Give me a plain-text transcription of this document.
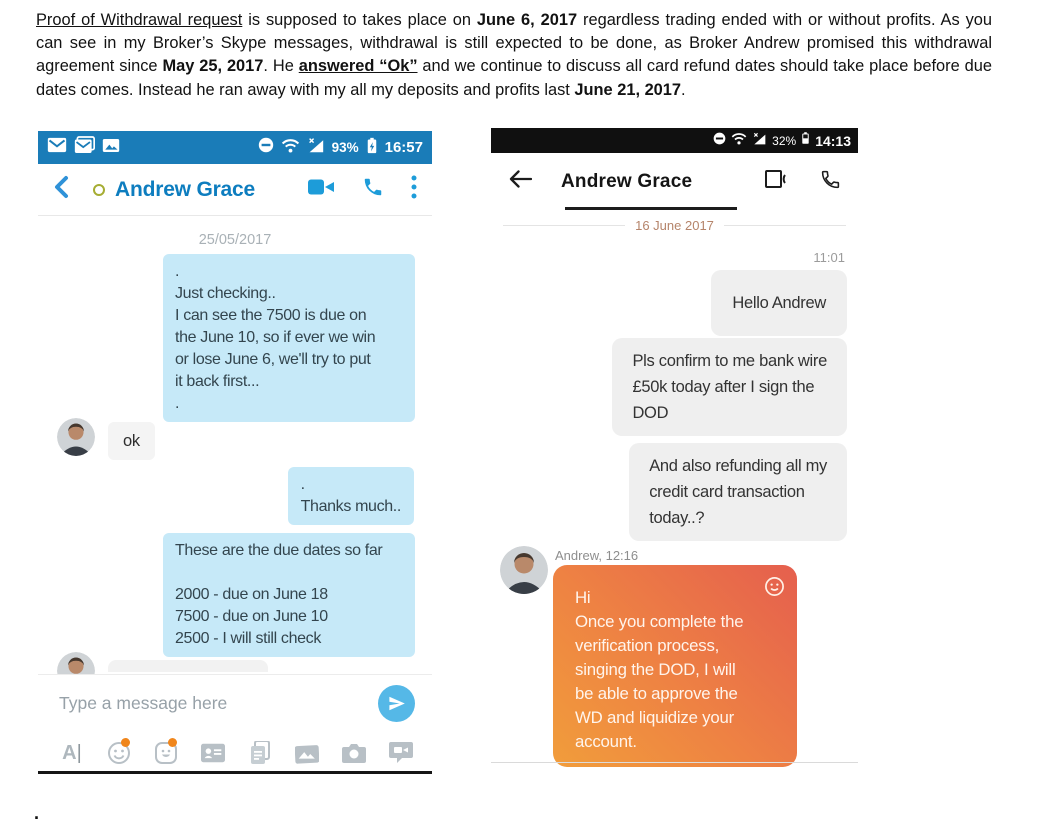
Proof of Withdrawal request is supposed to takes place on June 6, 2017 regardless trading ended with or without profits. As you can see in my Broker’s Skype messages, withdrawal is still expected to be done, as Broker Andrew promised this withdrawal agreement since May 25, 2017. He answered “Ok” and we continue to discuss all card refund dates should take place before due dates comes. Instead he ran away with my all my deposits and profits last June 21, 2017.

93% 16:57
Andrew Grace
25/05/2017
.
Just checking..
I can see the 7500 is due on
the June 10, so if ever we win
or lose June 6, we'll try to put
it back first...
.
ok
.
Thanks much..
These are the due dates so far
2000 - due on June 18
7500 - due on June 10
2500 - I will still check
Type a message here
A|
32% 14:13
Andrew Grace
16 June 2017
11:01
Hello Andrew
Pls confirm to me bank wire
£50k today after I sign the
DOD
And also refunding all my
credit card transaction
today..?
Andrew, 12:16
Hi
Once you complete the
verification process,
singing the DOD, I will
be able to approve the
WD and liquidize your
account.
.
